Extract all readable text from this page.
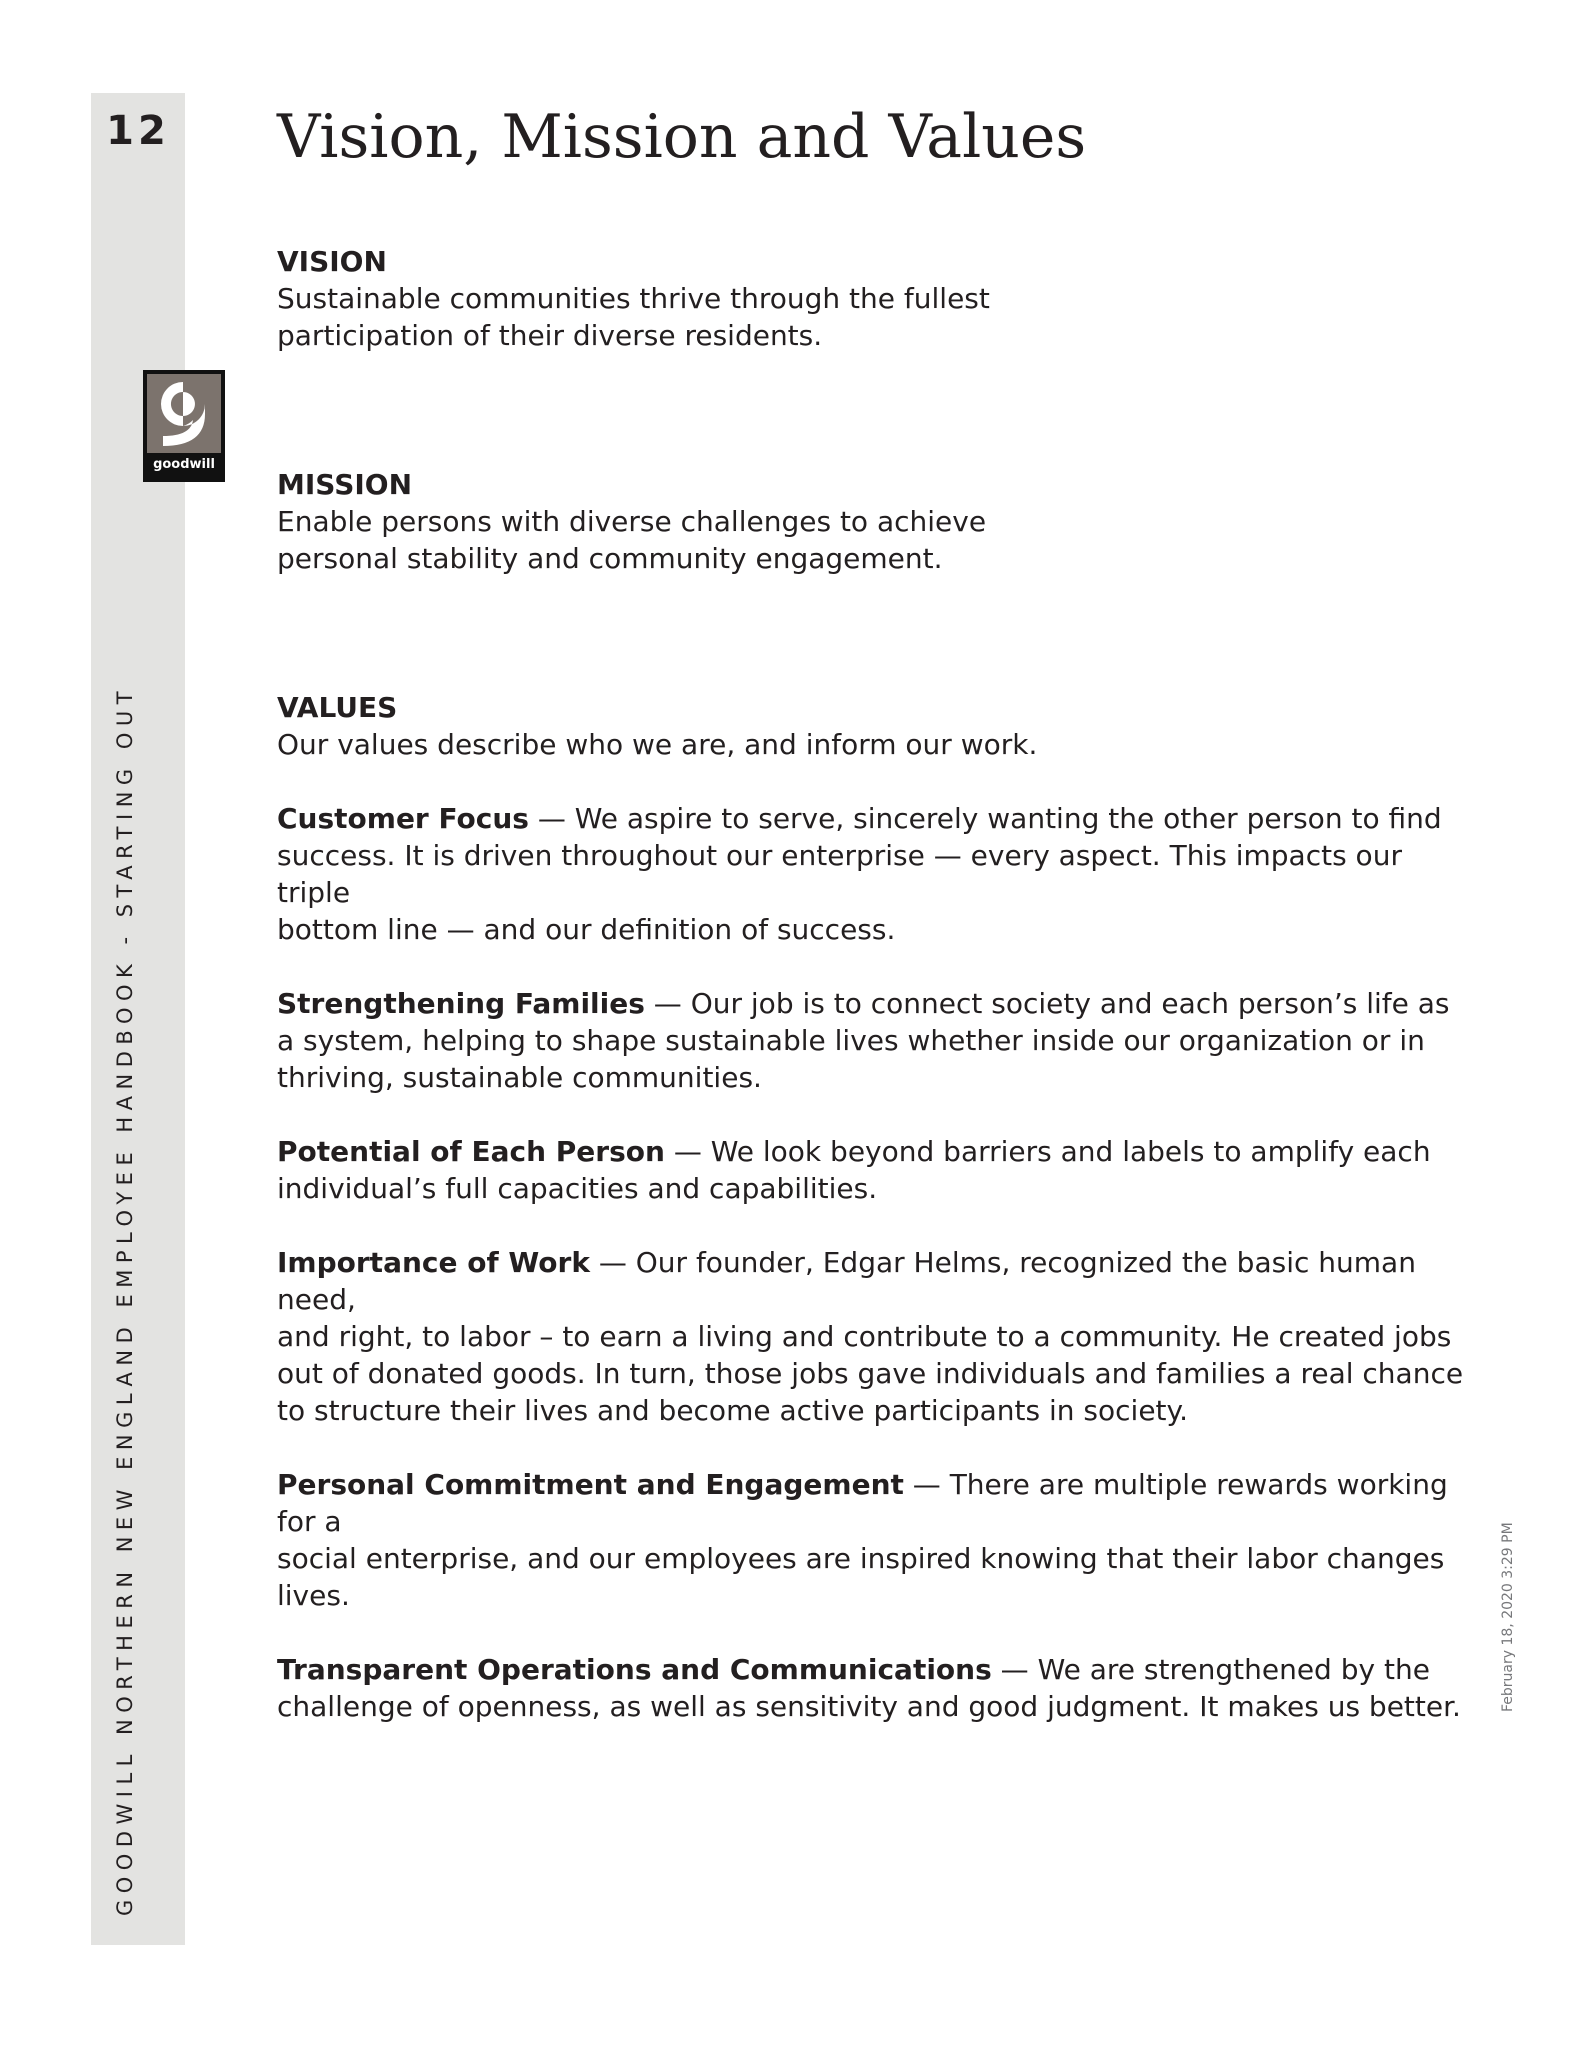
12
goodwill
GOODWILL NORTHERN NEW ENGLAND EMPLOYEE HANDBOOK - STARTING OUT
Vision, Mission and Values
VISION
Sustainable communities thrive through the fullest
participation of their diverse residents.
MISSION
Enable persons with diverse challenges to achieve
personal stability and community engagement.
VALUES
Our values describe who we are, and inform our work.
Customer Focus — We aspire to serve, sincerely wanting the other person to find
success. It is driven throughout our enterprise — every aspect. This impacts our triple
bottom line — and our definition of success.
Strengthening Families — Our job is to connect society and each person’s life as
a system, helping to shape sustainable lives whether inside our organization or in
thriving, sustainable communities.
Potential of Each Person — We look beyond barriers and labels to amplify each
individual’s full capacities and capabilities.
Importance of Work — Our founder, Edgar Helms, recognized the basic human need,
and right, to labor – to earn a living and contribute to a community. He created jobs
out of donated goods. In turn, those jobs gave individuals and families a real chance
to structure their lives and become active participants in society.
Personal Commitment and Engagement — There are multiple rewards working for a
social enterprise, and our employees are inspired knowing that their labor changes
lives.
Transparent Operations and Communications — We are strengthened by the
challenge of openness, as well as sensitivity and good judgment. It makes us better.	February 18, 2020 3:29 PM
